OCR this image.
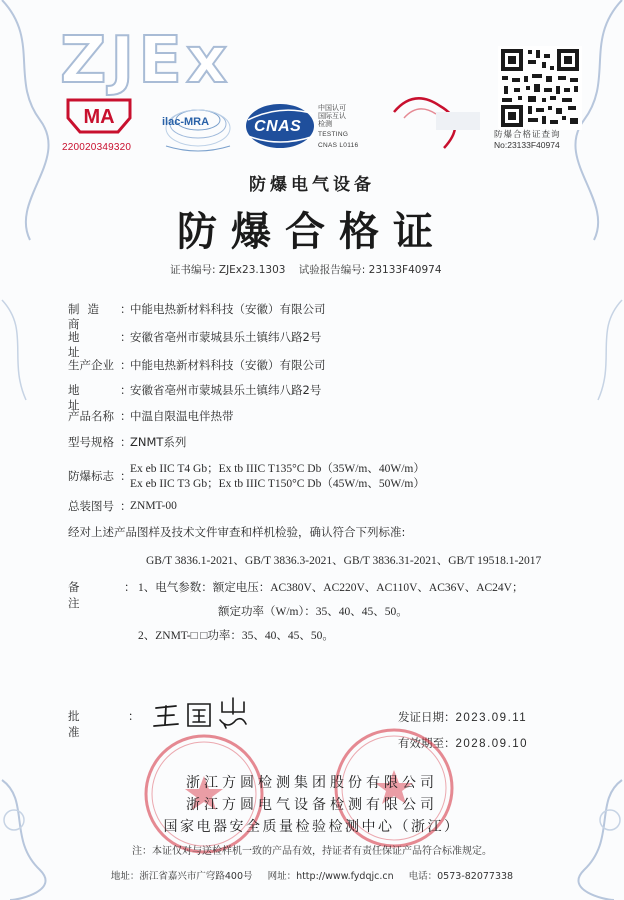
ZJEx
MA
220020349320
ilac-MRA	CNAS
中国认可
国际互认
检测
TESTING
CNAS L0116
防爆合格证查询
No:23133F40974
防爆电气设备
防爆合格证
证书编号: ZJEx23.1303 试验报告编号: 23133F40974
制造商
：
中能电热新材料科技（安徽）有限公司
地址
：
安徽省亳州市蒙城县乐土镇纬八路2号
生产企业 ：
中能电热新材料科技（安徽）有限公司
地址
：
安徽省亳州市蒙城县乐土镇纬八路2号
产品名称 ：
中温自限温电伴热带
型号规格 ：
ZNMT系列
防爆标志 ：
Ex eb IIC T4 Gb；Ex tb IIIC T135°C Db（35W/m、40W/m）
Ex eb IIC T3 Gb；Ex tb IIIC T150°C Db（45W/m、50W/m）
总装图号 ：
ZNMT-00
经对上述产品图样及技术文件审查和样机检验，确认符合下列标准:
GB/T 3836.1-2021、GB/T 3836.3-2021、GB/T 3836.31-2021、GB/T 19518.1-2017
备注
： 1、电气参数：额定电压：AC380V、AC220V、AC110V、AC36V、AC24V；
额定功率（W/m）：35、40、45、50。
2、ZNMT-□ □功率：35、40、45、50。
批准
：	发证日期：2023.09.11
有效期至：2028.09.10
浙江方圆检测集团股份有限公司
浙江方圆电气设备检测有限公司
国家电器安全质量检验检测中心（浙江）
注：本证仅对与送检样机一致的产品有效，持证者有责任保证产品符合标准规定。
地址：浙江省嘉兴市广穹路400号 网址：http://www.fydqjc.cn 电话：0573-82077338
